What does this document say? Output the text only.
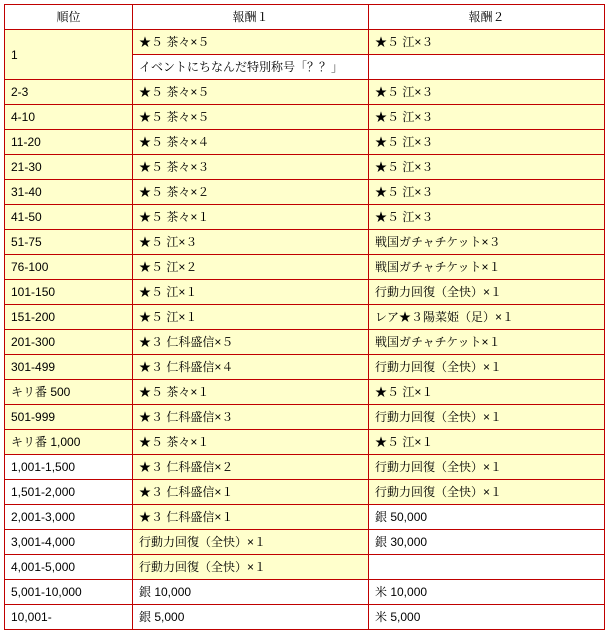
順位	報酬１	報酬２
1	★５ 茶々×５	★５ 江×３
	イベントにちなんだ特別称号「？？」	
2-3	★５ 茶々×５	★５ 江×３
4-10	★５ 茶々×５	★５ 江×３
11-20	★５ 茶々×４	★５ 江×３
21-30	★５ 茶々×３	★５ 江×３
31-40	★５ 茶々×２	★５ 江×３
41-50	★５ 茶々×１	★５ 江×３
51-75	★５ 江×３	戦国ガチャチケット×３
76-100	★５ 江×２	戦国ガチャチケット×１
101-150	★５ 江×１	行動力回復（全快）×１
151-200	★５ 江×１	レア★３陽菜姫（足）×１
201-300	★３ 仁科盛信×５	戦国ガチャチケット×１
301-499	★３ 仁科盛信×４	行動力回復（全快）×１
キリ番 500	★５ 茶々×１	★５ 江×１
501-999	★３ 仁科盛信×３	行動力回復（全快）×１
キリ番 1,000	★５ 茶々×１	★５ 江×１
1,001-1,500	★３ 仁科盛信×２	行動力回復（全快）×１
1,501-2,000	★３ 仁科盛信×１	行動力回復（全快）×１
2,001-3,000	★３ 仁科盛信×１	銀 50,000
3,001-4,000	行動力回復（全快）×１	銀 30,000
4,001-5,000	行動力回復（全快）×１	
5,001-10,000	銀 10,000	米 10,000
10,001-	銀 5,000	米 5,000
